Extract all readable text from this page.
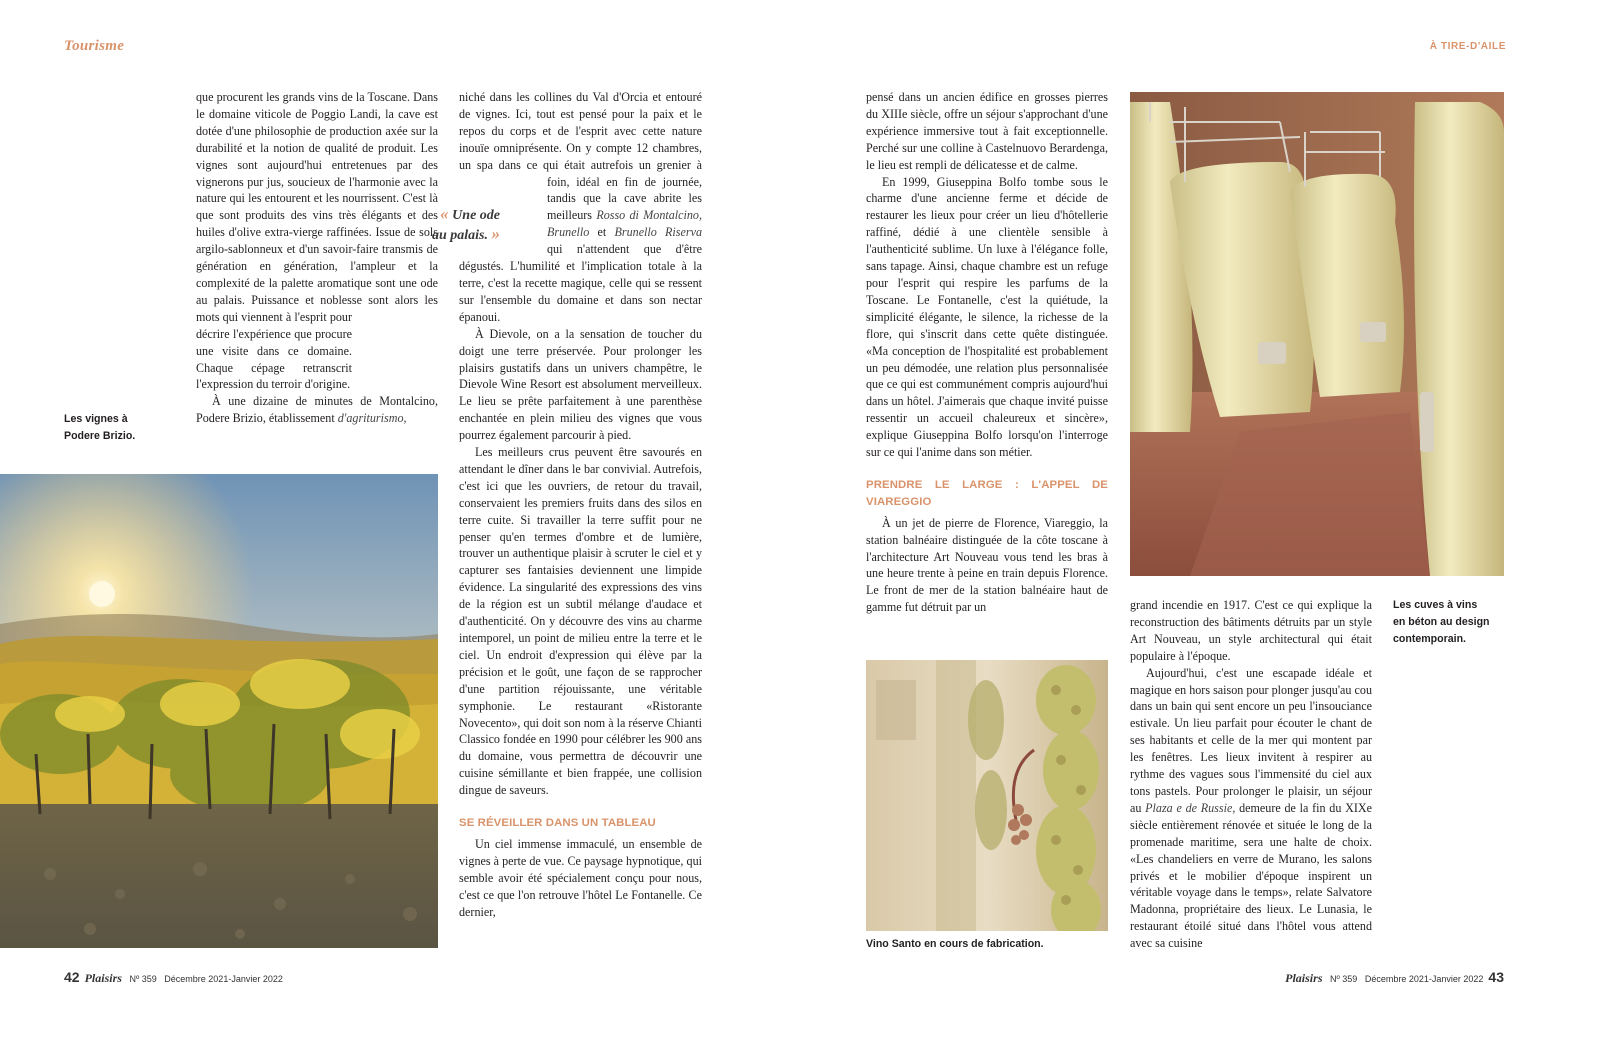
Tourisme	À TIRE-D'AILE

que procurent les grands vins de la Toscane. Dans le domaine viticole de Poggio Landi, la cave est dotée d'une philosophie de production axée sur la durabilité et la notion de qualité de produit. Les vignes sont aujourd'hui entretenues par des vignerons pur jus, soucieux de l'harmonie avec la nature qui les entourent et les nourrissent. C'est là que sont produits des vins très élégants et des huiles d'olive extra-vierge raffinées. Issue de sols argilo-sablonneux et d'un savoir-faire transmis de génération en génération, l'ampleur et la complexité de la palette aromatique sont une ode au palais. Puissance et noblesse sont alors les mots qui viennent à l'esprit pour décrire l'expérience que procure une visite dans ce domaine. Chaque cépage retranscrit l'expression du terroir d'origine.

À une dizaine de minutes de Montalcino, Podere Brizio, établissement d'agriturismo,

« Une ode
au palais. »
Les vignes à
Podere Brizio.

niché dans les collines du Val d'Orcia et entouré de vignes. Ici, tout est pensé pour la paix et le repos du corps et de l'esprit avec cette nature inouïe omniprésente. On y compte 12 chambres, un spa dans ce qui était autrefois un grenier à foin, idéal en fin de journée, tandis que la cave abrite les meilleurs Rosso di Montalcino, Brunello et Brunello Riserva qui n'attendent que d'être dégustés. L'humilité et l'implication totale à la terre, c'est la recette magique, celle qui se ressent sur l'ensemble du domaine et dans son nectar épanoui.

À Dievole, on a la sensation de toucher du doigt une terre préservée. Pour prolonger les plaisirs gustatifs dans un univers champêtre, le Dievole Wine Resort est absolument merveilleux. Le lieu se prête parfaitement à une parenthèse enchantée en plein milieu des vignes que vous pourrez également parcourir à pied.

Les meilleurs crus peuvent être savourés en attendant le dîner dans le bar convivial. Autrefois, c'est ici que les ouvriers, de retour du travail, conservaient les premiers fruits dans des silos en terre cuite. Si travailler la terre suffit pour ne penser qu'en termes d'ombre et de lumière, trouver un authentique plaisir à scruter le ciel et y capturer ses fantaisies deviennent une limpide évidence. La singularité des expressions des vins de la région est un subtil mélange d'audace et d'authenticité. On y découvre des vins au charme intemporel, un point de milieu entre la terre et le ciel. Un endroit d'expression qui élève par la précision et le goût, une façon de se rapprocher d'une partition réjouissante, une véritable symphonie. Le restaurant «Ristorante Novecento», qui doit son nom à la réserve Chianti Classico fondée en 1990 pour célébrer les 900 ans du domaine, vous permettra de découvrir une cuisine sémillante et bien frappée, une collision dingue de saveurs.

SE RÉVEILLER DANS UN TABLEAU

Un ciel immense immaculé, un ensemble de vignes à perte de vue. Ce paysage hypnotique, qui semble avoir été spécialement conçu pour nous, c'est ce que l'on retrouve l'hôtel Le Fontanelle. Ce dernier,

42 Plaisirs Nº 359 Décembre 2021-Janvier 2022

pensé dans un ancien édifice en grosses pierres du XIIIe siècle, offre un séjour s'approchant d'une expérience immersive tout à fait exceptionnelle. Perché sur une colline à Castelnuovo Berardenga, le lieu est rempli de délicatesse et de calme.

En 1999, Giuseppina Bolfo tombe sous le charme d'une ancienne ferme et décide de restaurer les lieux pour créer un lieu d'hôtellerie raffiné, dédié à une clientèle sensible à l'authenticité sublime. Un luxe à l'élégance folle, sans tapage. Ainsi, chaque chambre est un refuge pour l'esprit qui respire les parfums de la Toscane. Le Fontanelle, c'est la quiétude, la simplicité élégante, le silence, la richesse de la flore, qui s'inscrit dans cette quête distinguée. «Ma conception de l'hospitalité est probablement un peu démodée, une relation plus personnalisée que ce qui est communément compris aujourd'hui dans un hôtel. J'aimerais que chaque invité puisse ressentir un accueil chaleureux et sincère», explique Giuseppina Bolfo lorsqu'on l'interroge sur ce qui l'anime dans son métier.

PRENDRE LE LARGE : L'APPEL DE VIAREGGIO

À un jet de pierre de Florence, Viareggio, la station balnéaire distinguée de la côte toscane à l'architecture Art Nouveau vous tend les bras à une heure trente à peine en train depuis Florence. Le front de mer de la station balnéaire haut de gamme fut détruit par un

Vino Santo en cours de fabrication.

grand incendie en 1917. C'est ce qui explique la reconstruction des bâtiments détruits par un style Art Nouveau, un style architectural qui était populaire à l'époque.

Aujourd'hui, c'est une escapade idéale et magique en hors saison pour plonger jusqu'au cou dans un bain qui sent encore un peu l'insouciance estivale. Un lieu parfait pour écouter le chant de ses habitants et celle de la mer qui montent par les fenêtres. Les lieux invitent à respirer au rythme des vagues sous l'immensité du ciel aux tons pastels. Pour prolonger le plaisir, un séjour au Plaza e de Russie, demeure de la fin du XIXe siècle entièrement rénovée et située le long de la promenade maritime, sera une halte de choix. «Les chandeliers en verre de Murano, les salons privés et le mobilier d'époque inspirent un véritable voyage dans le temps», relate Salvatore Madonna, propriétaire des lieux. Le Lunasia, le restaurant étoilé situé dans l'hôtel vous attend avec sa cuisine

Les cuves à vins
en béton au design
contemporain.
Plaisirs Nº 359 Décembre 2021-Janvier 2022 43
